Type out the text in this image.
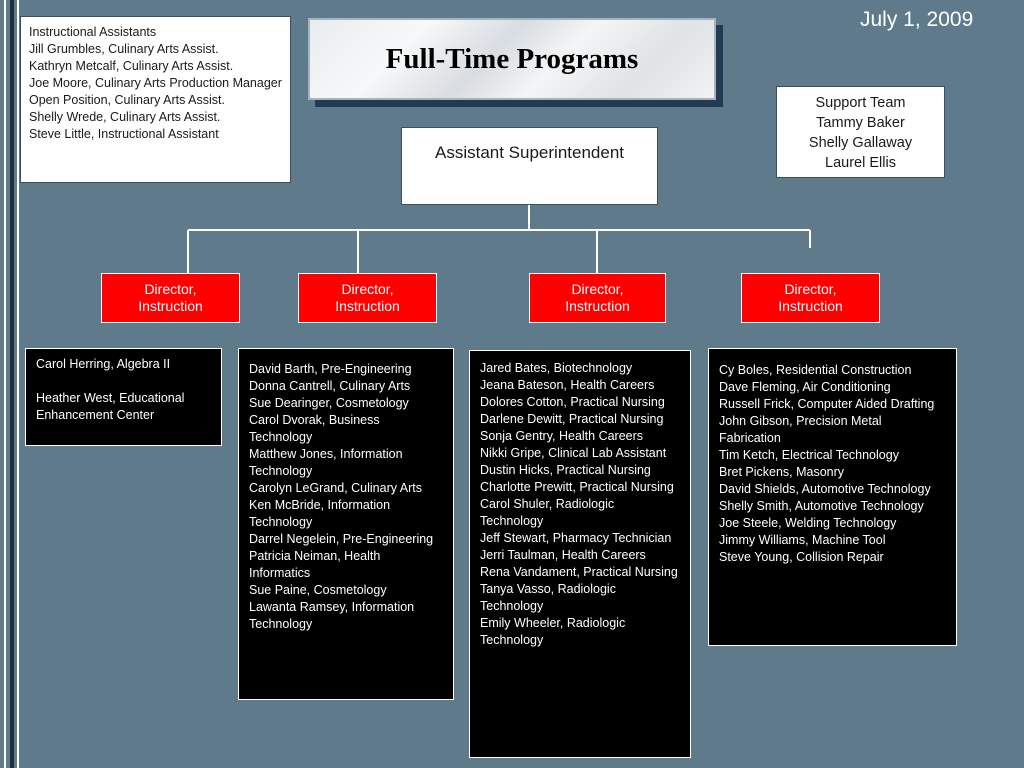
July 1, 2009
Full-Time Programs
Instructional Assistants
Jill Grumbles, Culinary Arts Assist.
Kathryn Metcalf, Culinary Arts Assist.
Joe Moore, Culinary Arts Production Manager
Open Position, Culinary Arts Assist.
Shelly Wrede, Culinary Arts Assist.
Steve Little, Instructional Assistant
Support Team
Tammy Baker
Shelly Gallaway
Laurel Ellis
Assistant Superintendent
Director, Instruction
Director, Instruction
Director, Instruction
Director, Instruction
Carol Herring, Algebra II
Heather West, Educational Enhancement Center
David Barth, Pre-Engineering
Donna Cantrell, Culinary Arts
Sue Dearinger, Cosmetology
Carol Dvorak, Business Technology
Matthew Jones, Information Technology
Carolyn LeGrand, Culinary Arts
Ken McBride, Information Technology
Darrel Negelein, Pre-Engineering
Patricia Neiman, Health Informatics
Sue Paine, Cosmetology
Lawanta Ramsey, Information Technology
Jared Bates, Biotechnology
Jeana Bateson, Health Careers
Dolores Cotton, Practical Nursing
Darlene Dewitt, Practical Nursing
Sonja Gentry, Health Careers
Nikki Gripe, Clinical Lab Assistant
Dustin Hicks, Practical Nursing
Charlotte Prewitt, Practical Nursing
Carol Shuler, Radiologic Technology
Jeff Stewart, Pharmacy Technician
Jerri Taulman, Health Careers
Rena Vandament, Practical Nursing
Tanya Vasso, Radiologic Technology
Emily Wheeler, Radiologic Technology
Cy Boles, Residential Construction
Dave Fleming, Air Conditioning
Russell Frick, Computer Aided Drafting
John Gibson, Precision Metal Fabrication
Tim Ketch, Electrical Technology
Bret Pickens, Masonry
David Shields, Automotive Technology
Shelly Smith, Automotive Technology
Joe Steele, Welding Technology
Jimmy Williams, Machine Tool
Steve Young, Collision Repair
